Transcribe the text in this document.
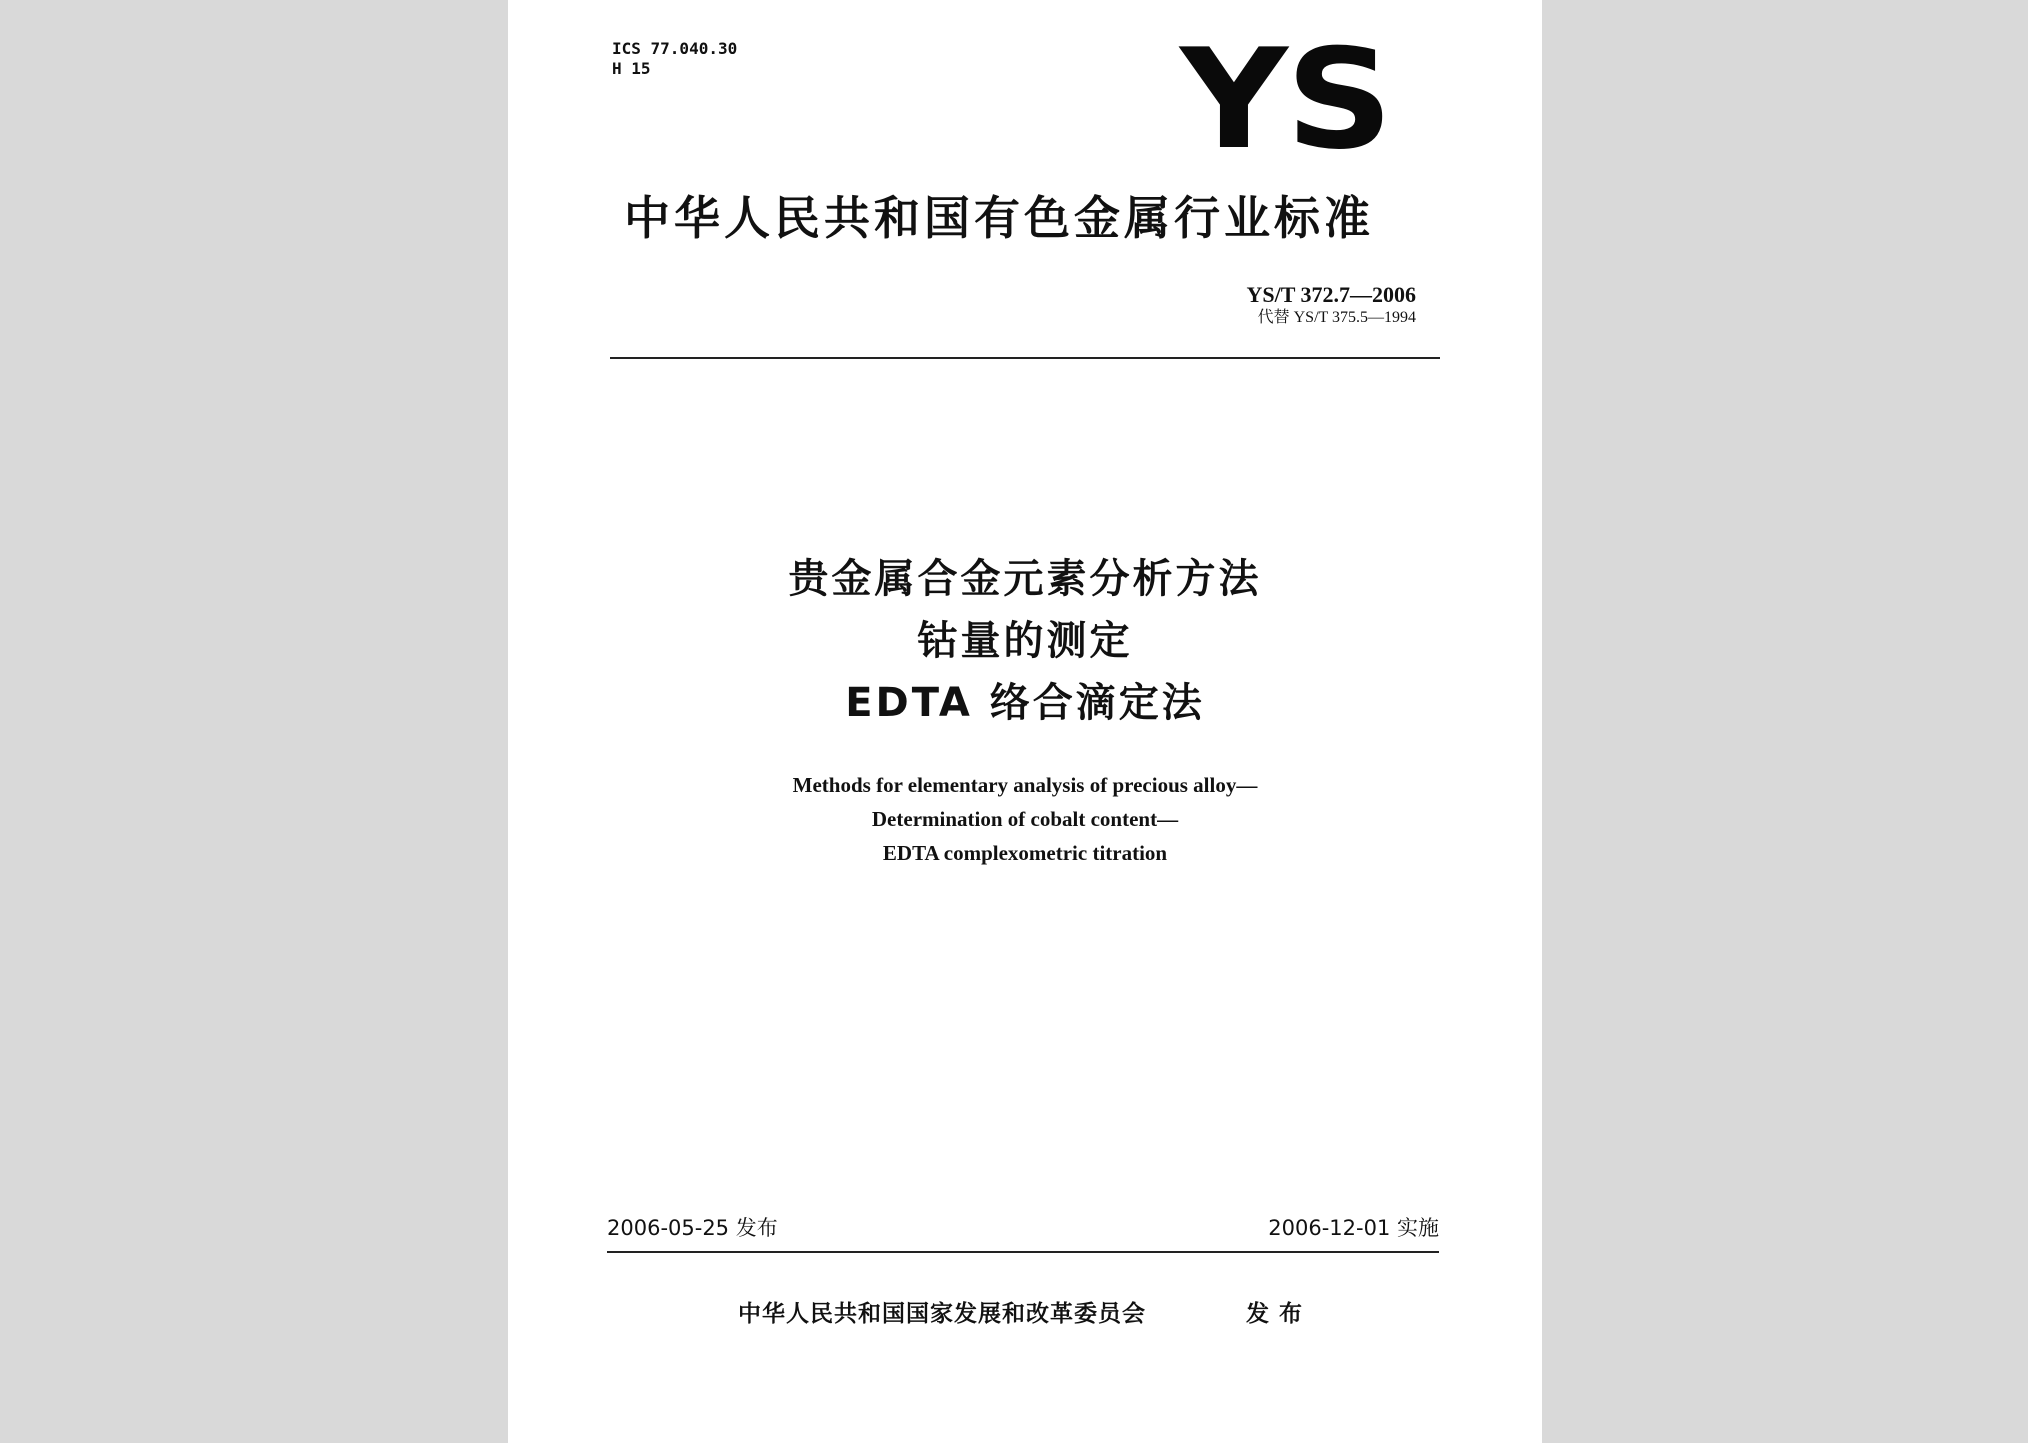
ICS 77.040.30
H 15	YS
中华人民共和国有色金属行业标准
YS/T 372.7—2006
代替 YS/T 375.5—1994
贵金属合金元素分析方法
钴量的测定
EDTA 络合滴定法
Methods for elementary analysis of precious alloy—
Determination of cobalt content—
EDTA complexometric titration
2006-05-25 发布	2006-12-01 实施
中华人民共和国国家发展和改革委员会	发布
